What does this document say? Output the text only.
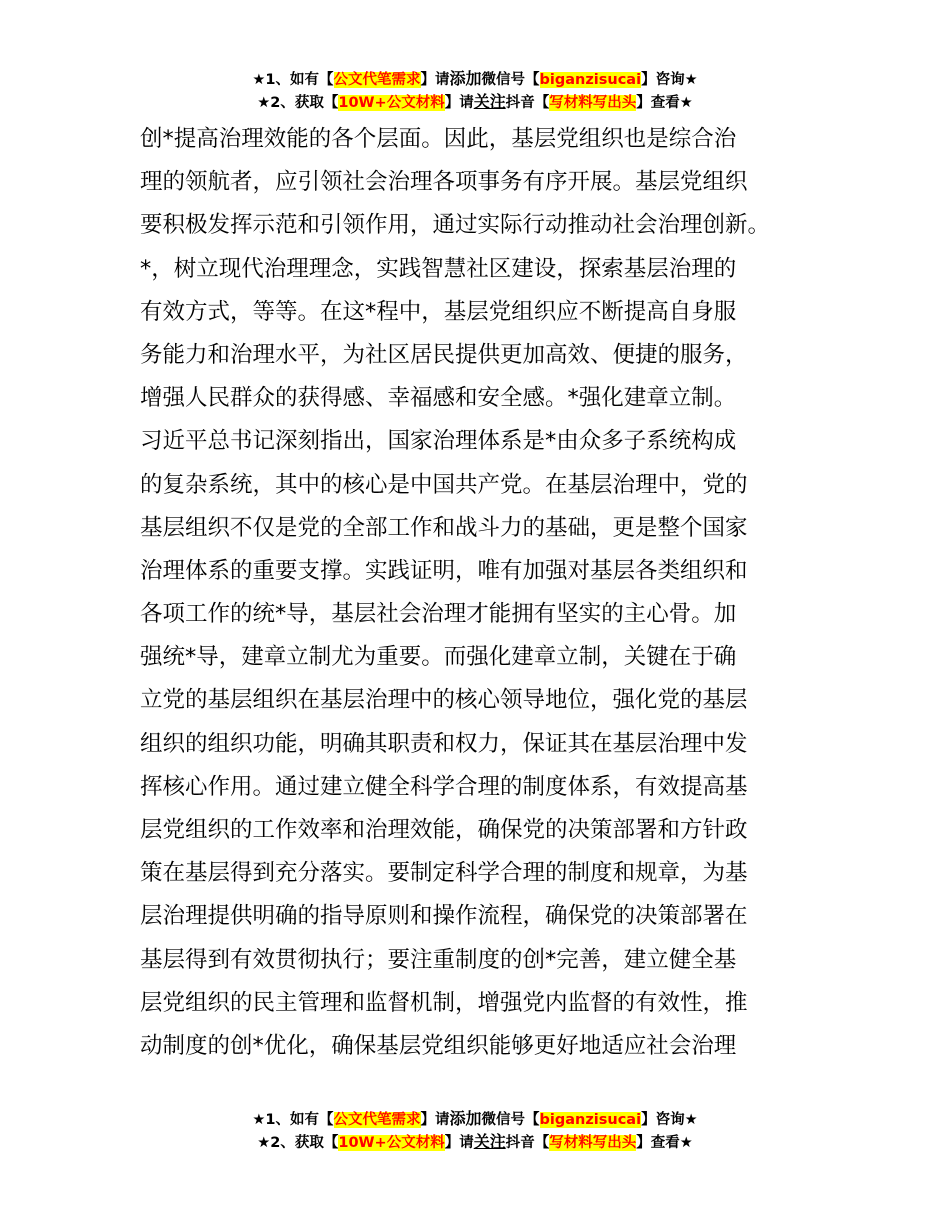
★1、如有【公文代笔需求】请添加微信号【biganzisucai】咨询★
★2、获取【10W+公文材料】请关注抖音【写材料写出头】查看★
创*提高治理效能的各个层面。因此，基层党组织也是综合治
理的领航者，应引领社会治理各项事务有序开展。基层党组织
要积极发挥示范和引领作用，通过实际行动推动社会治理创新。
*，树立现代治理理念，实践智慧社区建设，探索基层治理的
有效方式，等等。在这*程中，基层党组织应不断提高自身服
务能力和治理水平，为社区居民提供更加高效、便捷的服务，
增强人民群众的获得感、幸福感和安全感。*强化建章立制。
习近平总书记深刻指出，国家治理体系是*由众多子系统构成
的复杂系统，其中的核心是中国共产党。在基层治理中，党的
基层组织不仅是党的全部工作和战斗力的基础，更是整个国家
治理体系的重要支撑。实践证明，唯有加强对基层各类组织和
各项工作的统*导，基层社会治理才能拥有坚实的主心骨。加
强统*导，建章立制尤为重要。而强化建章立制，关键在于确
立党的基层组织在基层治理中的核心领导地位，强化党的基层
组织的组织功能，明确其职责和权力，保证其在基层治理中发
挥核心作用。通过建立健全科学合理的制度体系，有效提高基
层党组织的工作效率和治理效能，确保党的决策部署和方针政
策在基层得到充分落实。要制定科学合理的制度和规章，为基
层治理提供明确的指导原则和操作流程，确保党的决策部署在
基层得到有效贯彻执行；要注重制度的创*完善，建立健全基
层党组织的民主管理和监督机制，增强党内监督的有效性，推
动制度的创*优化，确保基层党组织能够更好地适应社会治理
★1、如有【公文代笔需求】请添加微信号【biganzisucai】咨询★
★2、获取【10W+公文材料】请关注抖音【写材料写出头】查看★
